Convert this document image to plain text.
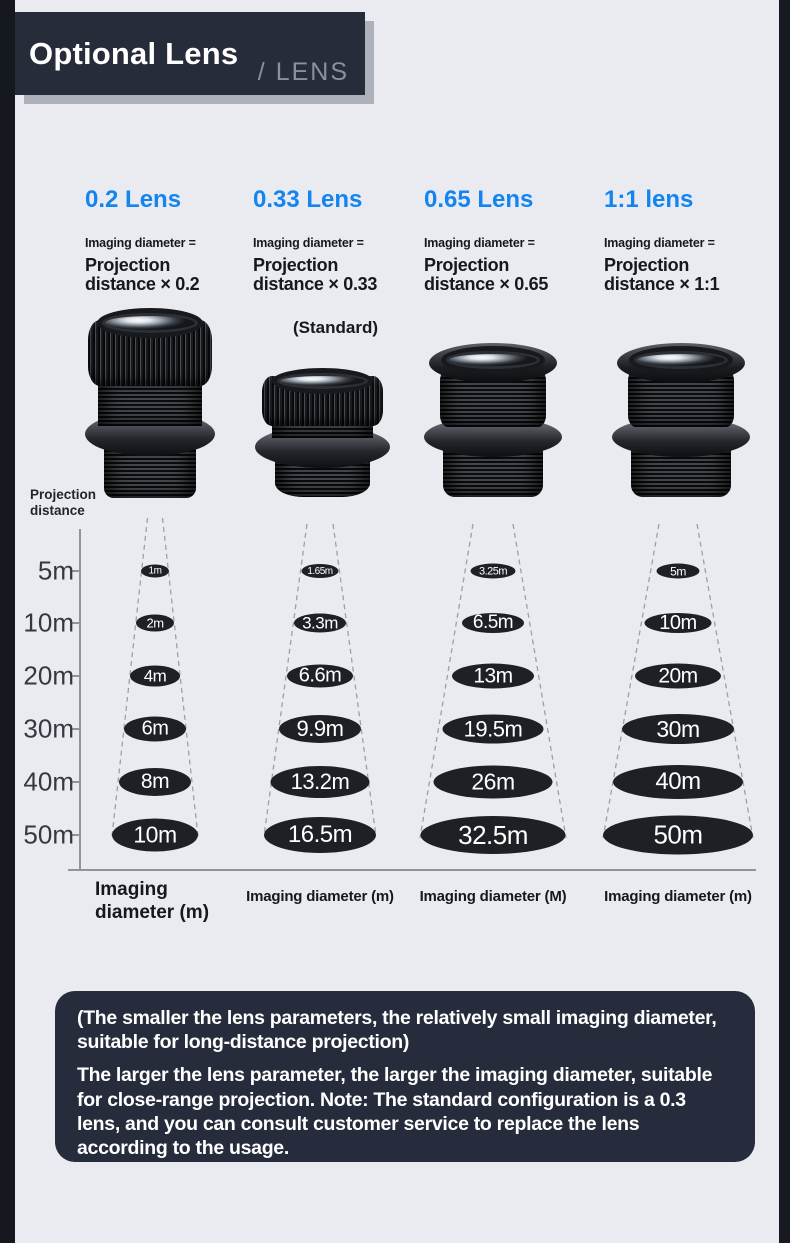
Optional Lens
/ LENS
0.2 Lens
Imaging diameter =
Projection distance × 0.2
0.33 Lens
Imaging diameter =
Projection distance × 0.33
0.65 Lens
Imaging diameter =
Projection distance × 0.65
1:1 lens
Imaging diameter =
Projection distance × 1:1
(Standard)
Projection distance
5m
10m
20m
30m
40m
50m
1m
2m
4m
6m
8m
10m
1.65m
3.3m
6.6m
9.9m
13.2m
16.5m
3.25m
6.5m
13m
19.5m
26m
32.5m
5m
10m
20m
30m
40m
50m
Imaging diameter (m)
Imaging diameter (m)	Imaging diameter (M)	Imaging diameter (m)

(The smaller the lens parameters, the relatively small imaging diameter, suitable for long-distance projection)

The larger the lens parameter, the larger the imaging diameter, suitable for close-range projection. Note: The standard configuration is a 0.3 lens, and you can consult customer service to replace the lens according to the usage.
